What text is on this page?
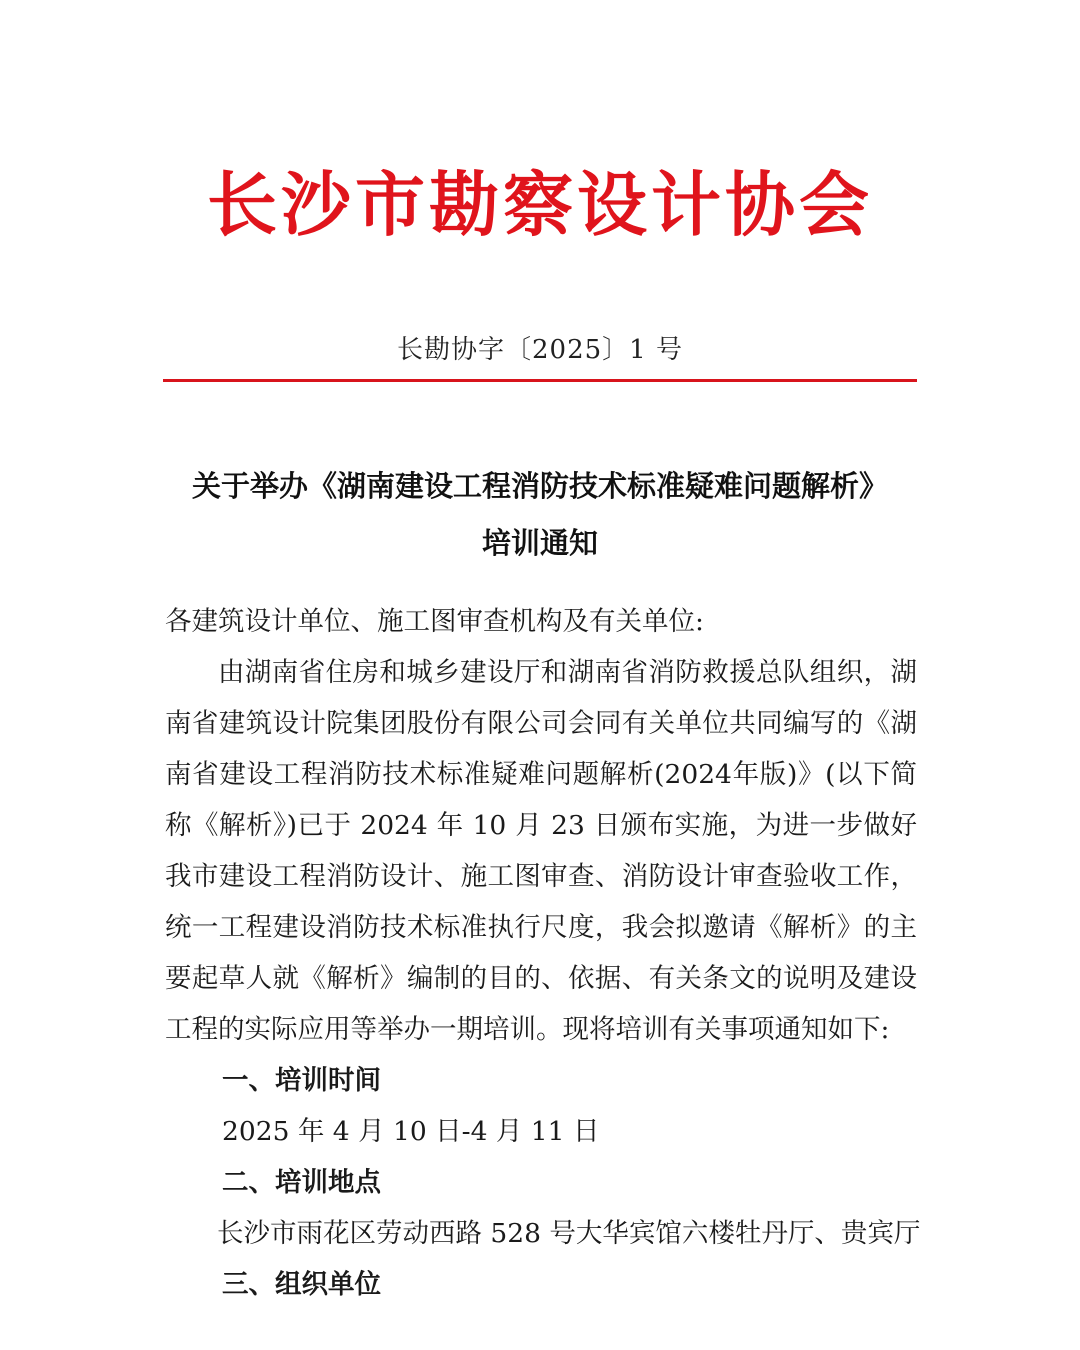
长沙市勘察设计协会
长勘协字〔2025〕1 号
关于举办《湖南建设工程消防技术标准疑难问题解析》
培训通知
各建筑设计单位、施工图审查机构及有关单位:
由湖南省住房和城乡建设厅和湖南省消防救援总队组织，湖南省建筑设计院集团股份有限公司会同有关单位共同编写的《湖南省建设工程消防技术标准疑难问题解析(2024年版)》(以下简称《解析》)已于 2024 年 10 月 23 日颁布实施，为进一步做好我市建设工程消防设计、施工图审查、消防设计审查验收工作，统一工程建设消防技术标准执行尺度，我会拟邀请《解析》的主要起草人就《解析》编制的目的、依据、有关条文的说明及建设工程的实际应用等举办一期培训。现将培训有关事项通知如下:
一、培训时间
2025 年 4 月 10 日-4 月 11 日
二、培训地点
长沙市雨花区劳动西路 528 号大华宾馆六楼牡丹厅、贵宾厅
三、组织单位
